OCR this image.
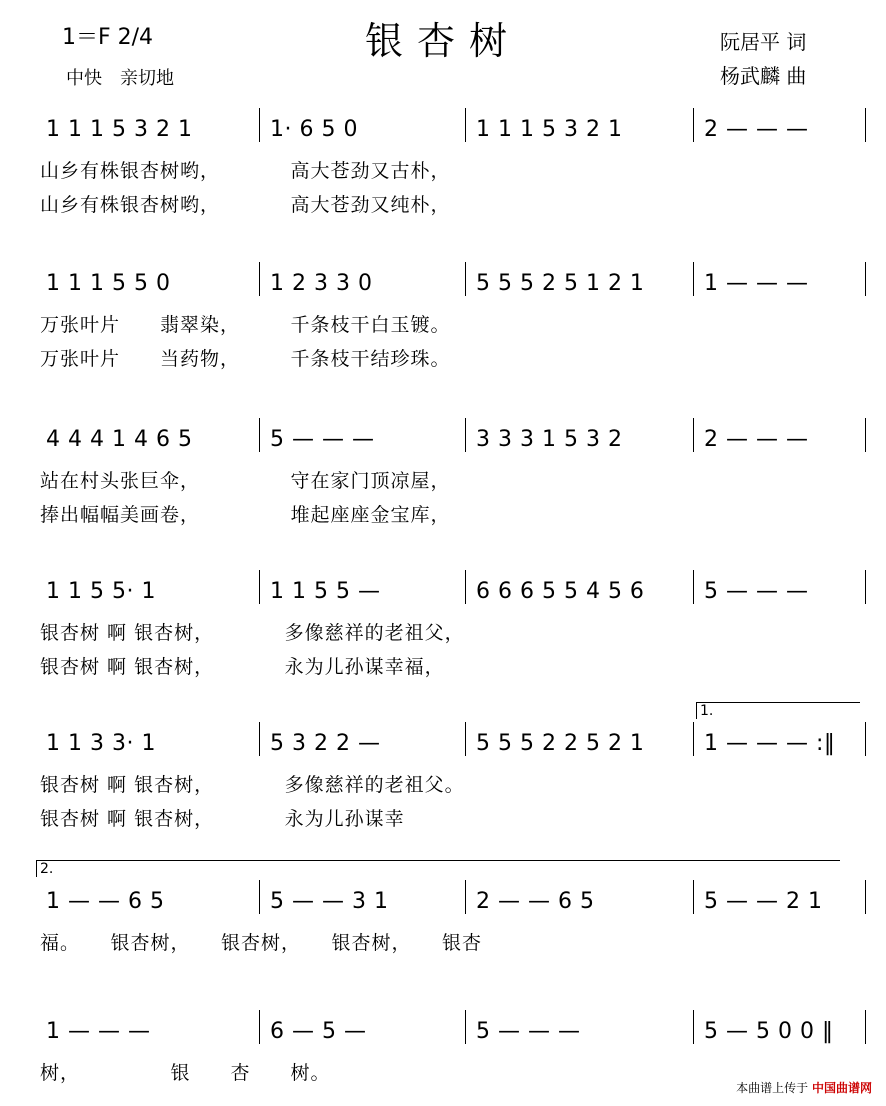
银杏树
1＝F 2/4
中快　亲切地
阮居平 词
杨武麟 曲
1 1 1 5 3 2 1	1· 6 5 0	1 1 1 5 3 2 1	2 — — —
山乡有株银杏树哟，　　　　高大苍劲又古朴，
山乡有株银杏树哟，　　　　高大苍劲又纯朴，
1 1 1 5 5 0	1 2 3 3 0	5 5 5 2 5 1 2 1	1 — — —
万张叶片　　翡翠染，　　　千条枝干白玉镀。
万张叶片　　当药物，　　　千条枝干结珍珠。
4 4 4 1 4 6 5	5 — — —	3 3 3 1 5 3 2	2 — — —
站在村头张巨伞，　　　　　守在家门顶凉屋，
捧出幅幅美画卷，　　　　　堆起座座金宝库，
1 1 5 5· 1	1 1 5 5 —	6 6 6 5 5 4 5 6	5 — — —
银杏树 啊 银杏树，　　　　多像慈祥的老祖父，
银杏树 啊 银杏树，　　　　永为儿孙谋幸福，
1.
1 1 3 3· 1	5 3 2 2 —	5 5 5 2 2 5 2 1	1 — — — :‖
银杏树 啊 银杏树，　　　　多像慈祥的老祖父。
银杏树 啊 银杏树，　　　　永为儿孙谋幸
2.
1 — — 6 5	5 — — 3 1	2 — — 6 5	5 — — 2 1
福。　　银杏树，　　银杏树，　　银杏树，　　银杏
1 — — —	6 — 5 —	5 — — —	5 — 5 0 0 ‖
树，　　　　　银　　杏　　树。
本曲谱上传于 中国曲谱网
